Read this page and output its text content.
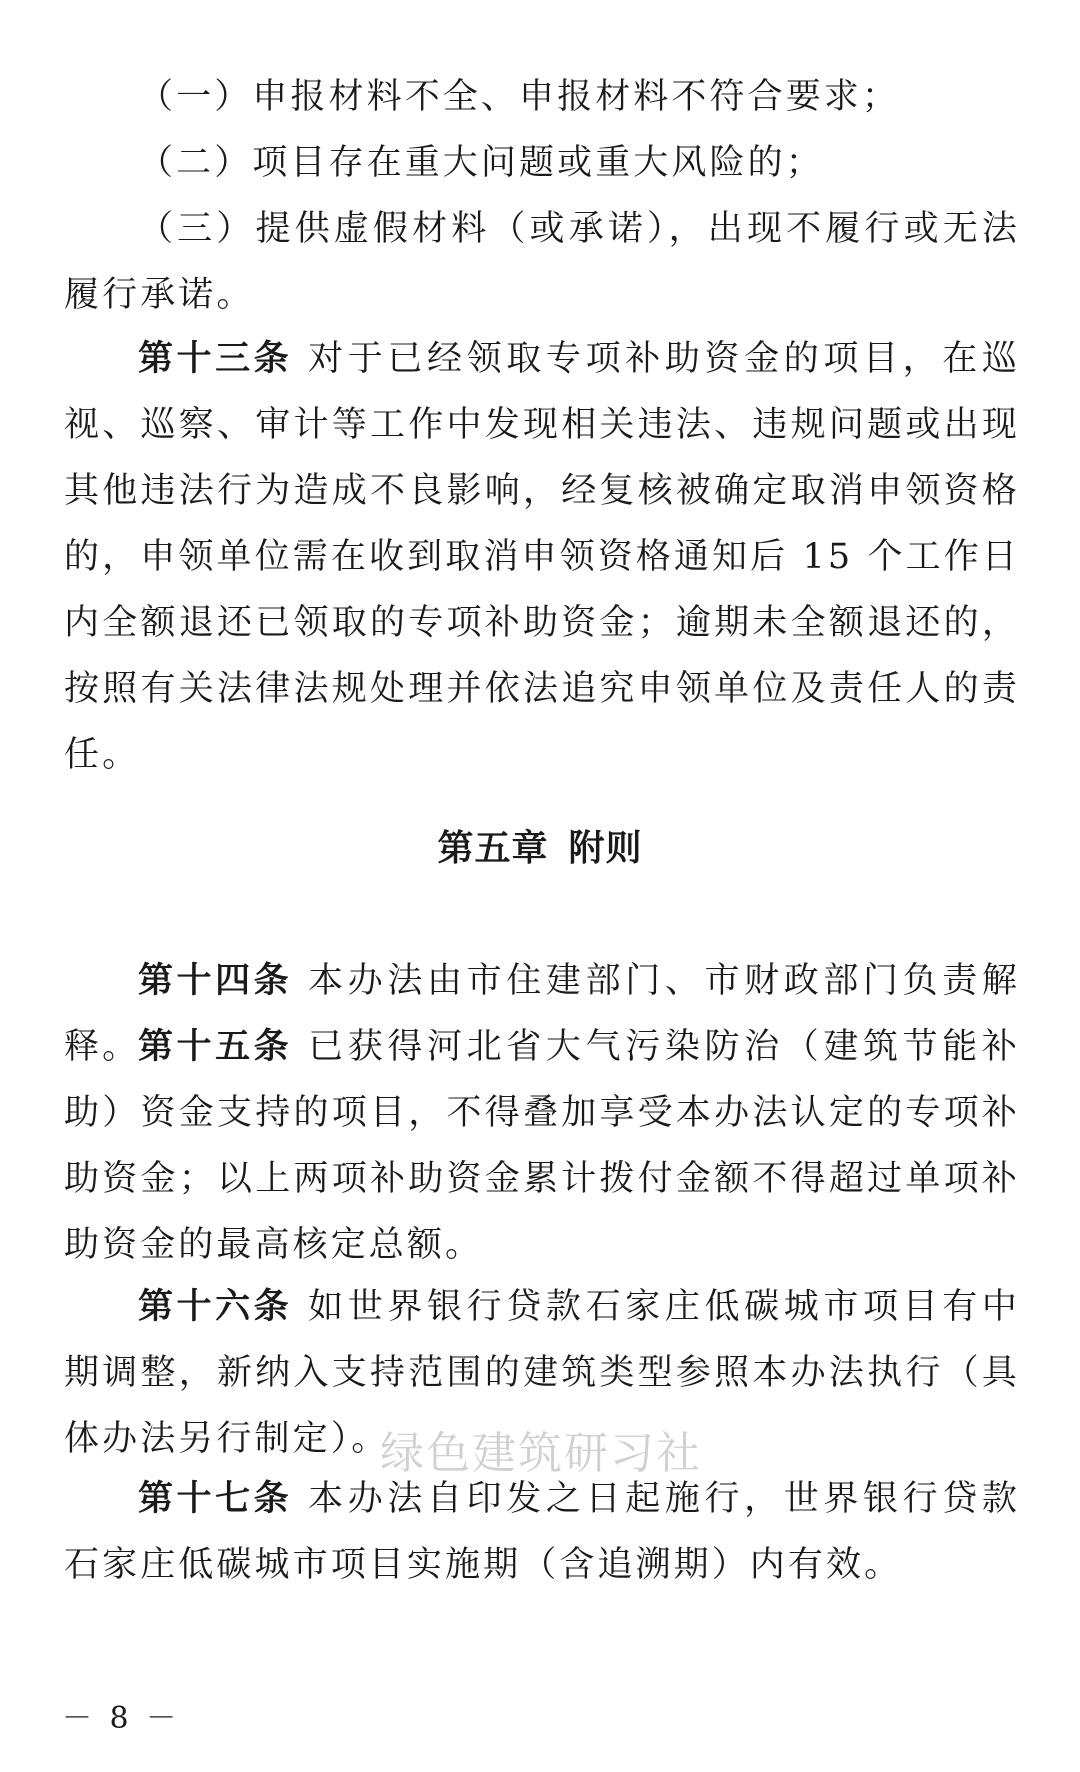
（一）申报材料不全、申报材料不符合要求；

（二）项目存在重大问题或重大风险的；

（三）提供虚假材料（或承诺），出现不履行或无法履行承诺。

第十三条 对于已经领取专项补助资金的项目，在巡视、巡察、审计等工作中发现相关违法、违规问题或出现其他违法行为造成不良影响，经复核被确定取消申领资格的，申领单位需在收到取消申领资格通知后 15 个工作日内全额退还已领取的专项补助资金；逾期未全额退还的，按照有关法律法规处理并依法追究申领单位及责任人的责任。

第五章 附则

第十四条 本办法由市住建部门、市财政部门负责解释。

第十五条 已获得河北省大气污染防治（建筑节能补助）资金支持的项目，不得叠加享受本办法认定的专项补助资金；以上两项补助资金累计拨付金额不得超过单项补助资金的最高核定总额。

第十六条 如世界银行贷款石家庄低碳城市项目有中期调整，新纳入支持范围的建筑类型参照本办法执行（具体办法另行制定）。

第十七条 本办法自印发之日起施行，世界银行贷款石家庄低碳城市项目实施期（含追溯期）内有效。

绿色建筑研习社
－ 8 －
